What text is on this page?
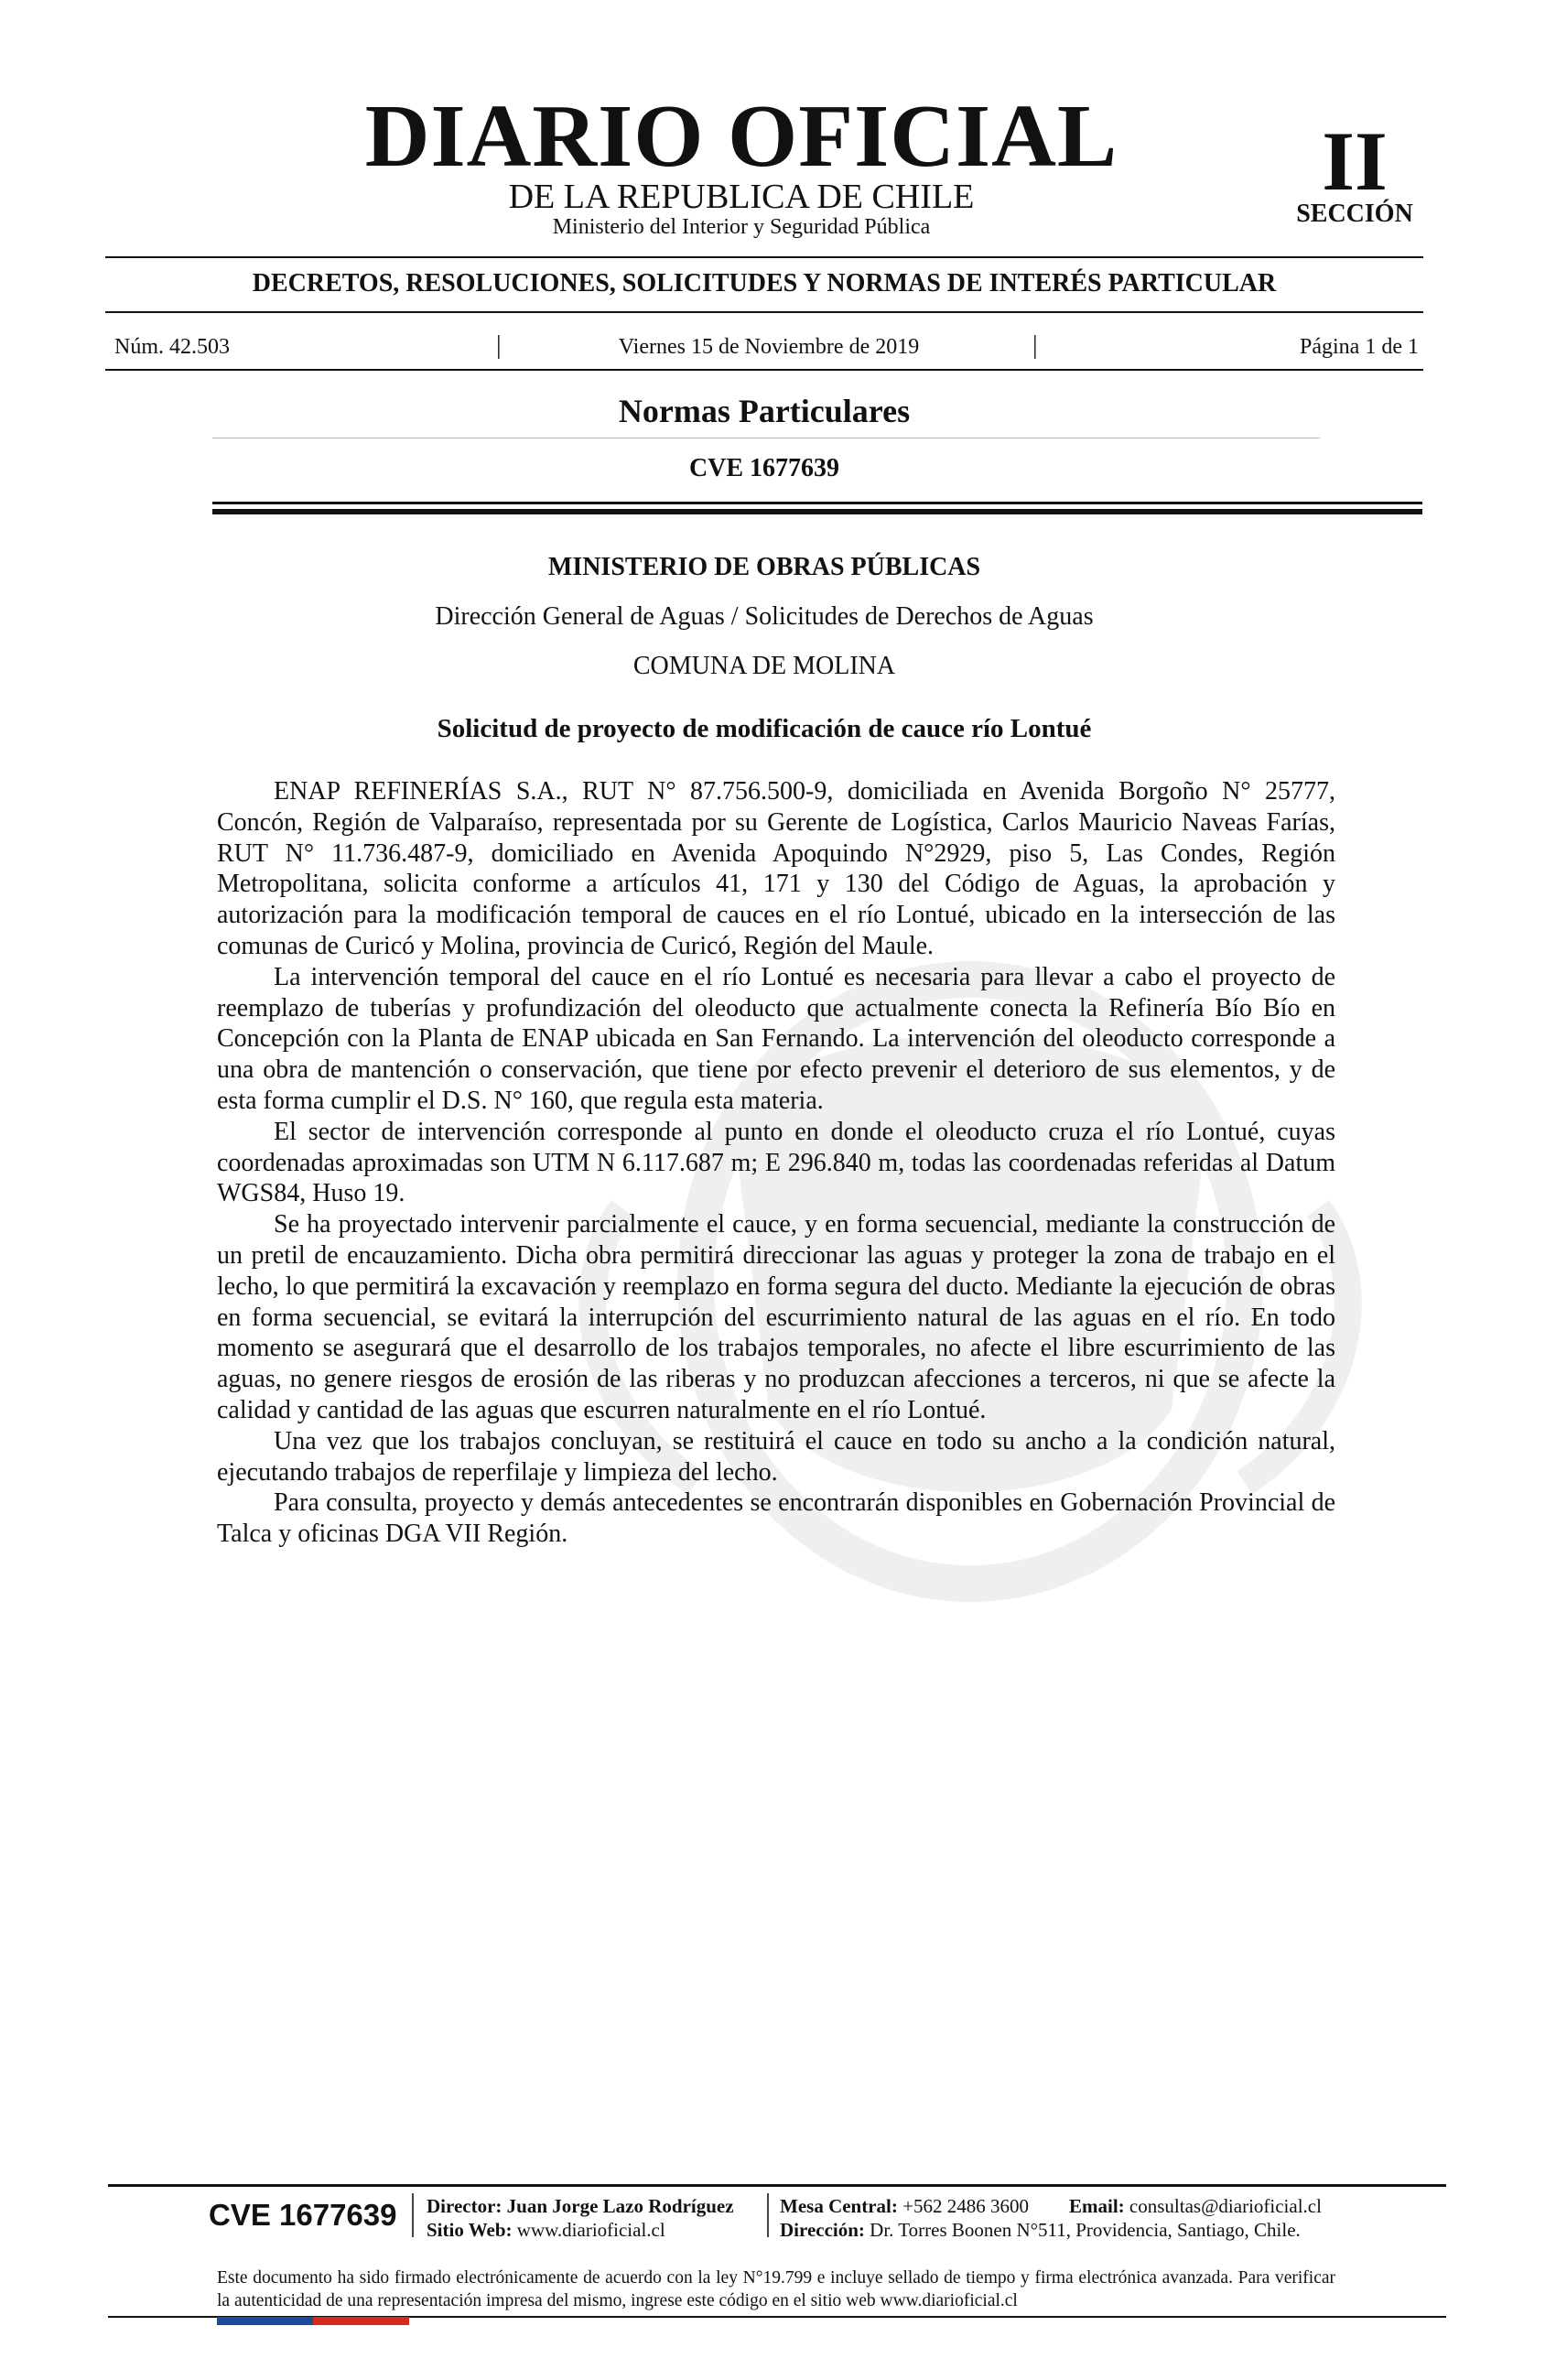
DIARIO OFICIAL
DE LA REPUBLICA DE CHILE
Ministerio del Interior y Seguridad Pública
II
SECCIÓN
DECRETOS, RESOLUCIONES, SOLICITUDES Y NORMAS DE INTERÉS PARTICULAR
Núm. 42.503	|	Viernes 15 de Noviembre de 2019	|	Página 1 de 1
Normas Particulares
CVE 1677639
MINISTERIO DE OBRAS PÚBLICAS
Dirección General de Aguas / Solicitudes de Derechos de Aguas
COMUNA DE MOLINA
Solicitud de proyecto de modificación de cauce río Lontué

ENAP REFINERÍAS S.A., RUT N° 87.756.500-9, domiciliada en Avenida Borgoño N° 25777, Concón, Región de Valparaíso, representada por su Gerente de Logística, Carlos Mauricio Naveas Farías, RUT N° 11.736.487-9, domiciliado en Avenida Apoquindo N°2929, piso 5, Las Condes, Región Metropolitana, solicita conforme a artículos 41, 171 y 130 del Código de Aguas, la aprobación y autorización para la modificación temporal de cauces en el río Lontué, ubicado en la intersección de las comunas de Curicó y Molina, provincia de Curicó, Región del Maule.

La intervención temporal del cauce en el río Lontué es necesaria para llevar a cabo el proyecto de reemplazo de tuberías y profundización del oleoducto que actualmente conecta la Refinería Bío Bío en Concepción con la Planta de ENAP ubicada en San Fernando. La intervención del oleoducto corresponde a una obra de mantención o conservación, que tiene por efecto prevenir el deterioro de sus elementos, y de esta forma cumplir el D.S. N° 160, que regula esta materia.

El sector de intervención corresponde al punto en donde el oleoducto cruza el río Lontué, cuyas coordenadas aproximadas son UTM N 6.117.687 m; E 296.840 m, todas las coordenadas referidas al Datum WGS84, Huso 19.

Se ha proyectado intervenir parcialmente el cauce, y en forma secuencial, mediante la construcción de un pretil de encauzamiento. Dicha obra permitirá direccionar las aguas y proteger la zona de trabajo en el lecho, lo que permitirá la excavación y reemplazo en forma segura del ducto. Mediante la ejecución de obras en forma secuencial, se evitará la interrupción del escurrimiento natural de las aguas en el río. En todo momento se asegurará que el desarrollo de los trabajos temporales, no afecte el libre escurrimiento de las aguas, no genere riesgos de erosión de las riberas y no produzcan afecciones a terceros, ni que se afecte la calidad y cantidad de las aguas que escurren naturalmente en el río Lontué.

Una vez que los trabajos concluyan, se restituirá el cauce en todo su ancho a la condición natural, ejecutando trabajos de reperfilaje y limpieza del lecho.

Para consulta, proyecto y demás antecedentes se encontrarán disponibles en Gobernación Provincial de Talca y oficinas DGA VII Región.

CVE 1677639 Director: Juan Jorge Lazo Rodríguez
Sitio Web: www.diarioficial.cl
Mesa Central: +562 2486 3600 Email: consultas@diarioficial.cl
Dirección: Dr. Torres Boonen N°511, Providencia, Santiago, Chile.
Este documento ha sido firmado electrónicamente de acuerdo con la ley N°19.799 e incluye sellado de tiempo y firma electrónica avanzada. Para verificar la autenticidad de una representación impresa del mismo, ingrese este código en el sitio web www.diarioficial.cl
